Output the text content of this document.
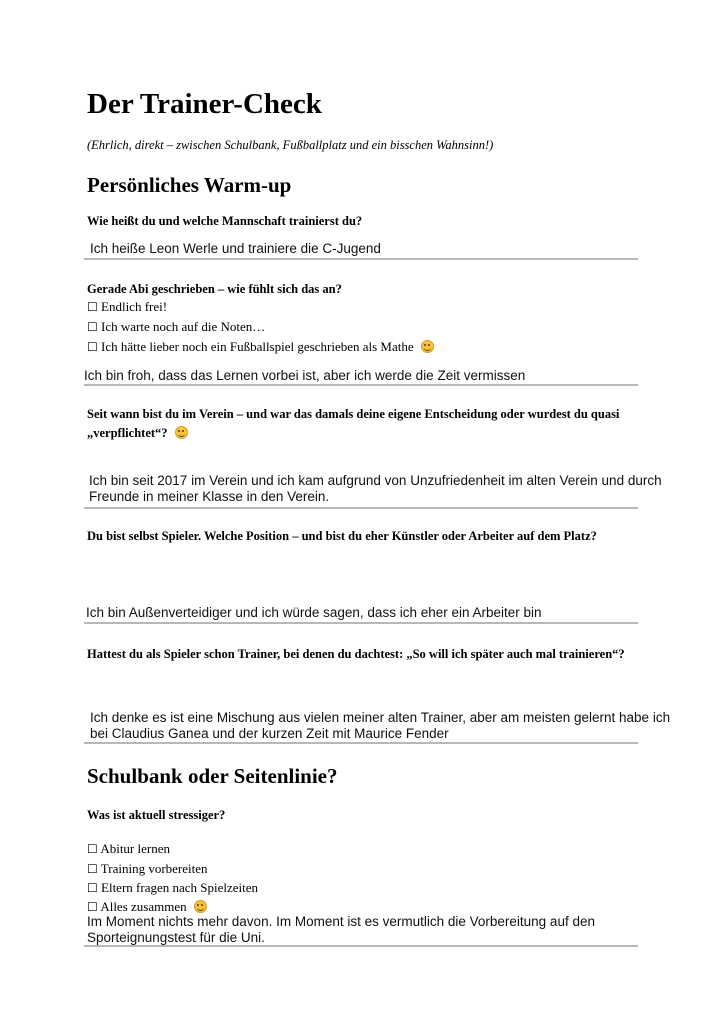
Der Trainer-Check
(Ehrlich, direkt – zwischen Schulbank, Fußballplatz und ein bisschen Wahnsinn!)
Persönliches Warm-up
Wie heißt du und welche Mannschaft trainierst du?
Ich heiße Leon Werle und trainiere die C-Jugend
Gerade Abi geschrieben – wie fühlt sich das an?
☐ Endlich frei!
☐ Ich warte noch auf die Noten…
☐ Ich hätte lieber noch ein Fußballspiel geschrieben als Mathe
Ich bin froh, dass das Lernen vorbei ist, aber ich werde die Zeit vermissen
Seit wann bist du im Verein – und war das damals deine eigene Entscheidung oder wurdest du quasi „verpflichtet“?
Ich bin seit 2017 im Verein und ich kam aufgrund von Unzufriedenheit im alten Verein und durch Freunde in meiner Klasse in den Verein.
Du bist selbst Spieler. Welche Position – und bist du eher Künstler oder Arbeiter auf dem Platz?
Ich bin Außenverteidiger und ich würde sagen, dass ich eher ein Arbeiter bin
Hattest du als Spieler schon Trainer, bei denen du dachtest: „So will ich später auch mal trainieren“?
Ich denke es ist eine Mischung aus vielen meiner alten Trainer, aber am meisten gelernt habe ich bei Claudius Ganea und der kurzen Zeit mit Maurice Fender
Schulbank oder Seitenlinie?
Was ist aktuell stressiger?
☐ Abitur lernen
☐ Training vorbereiten
☐ Eltern fragen nach Spielzeiten
☐ Alles zusammen
Im Moment nichts mehr davon. Im Moment ist es vermutlich die Vorbereitung auf den Sporteignungstest für die Uni.
